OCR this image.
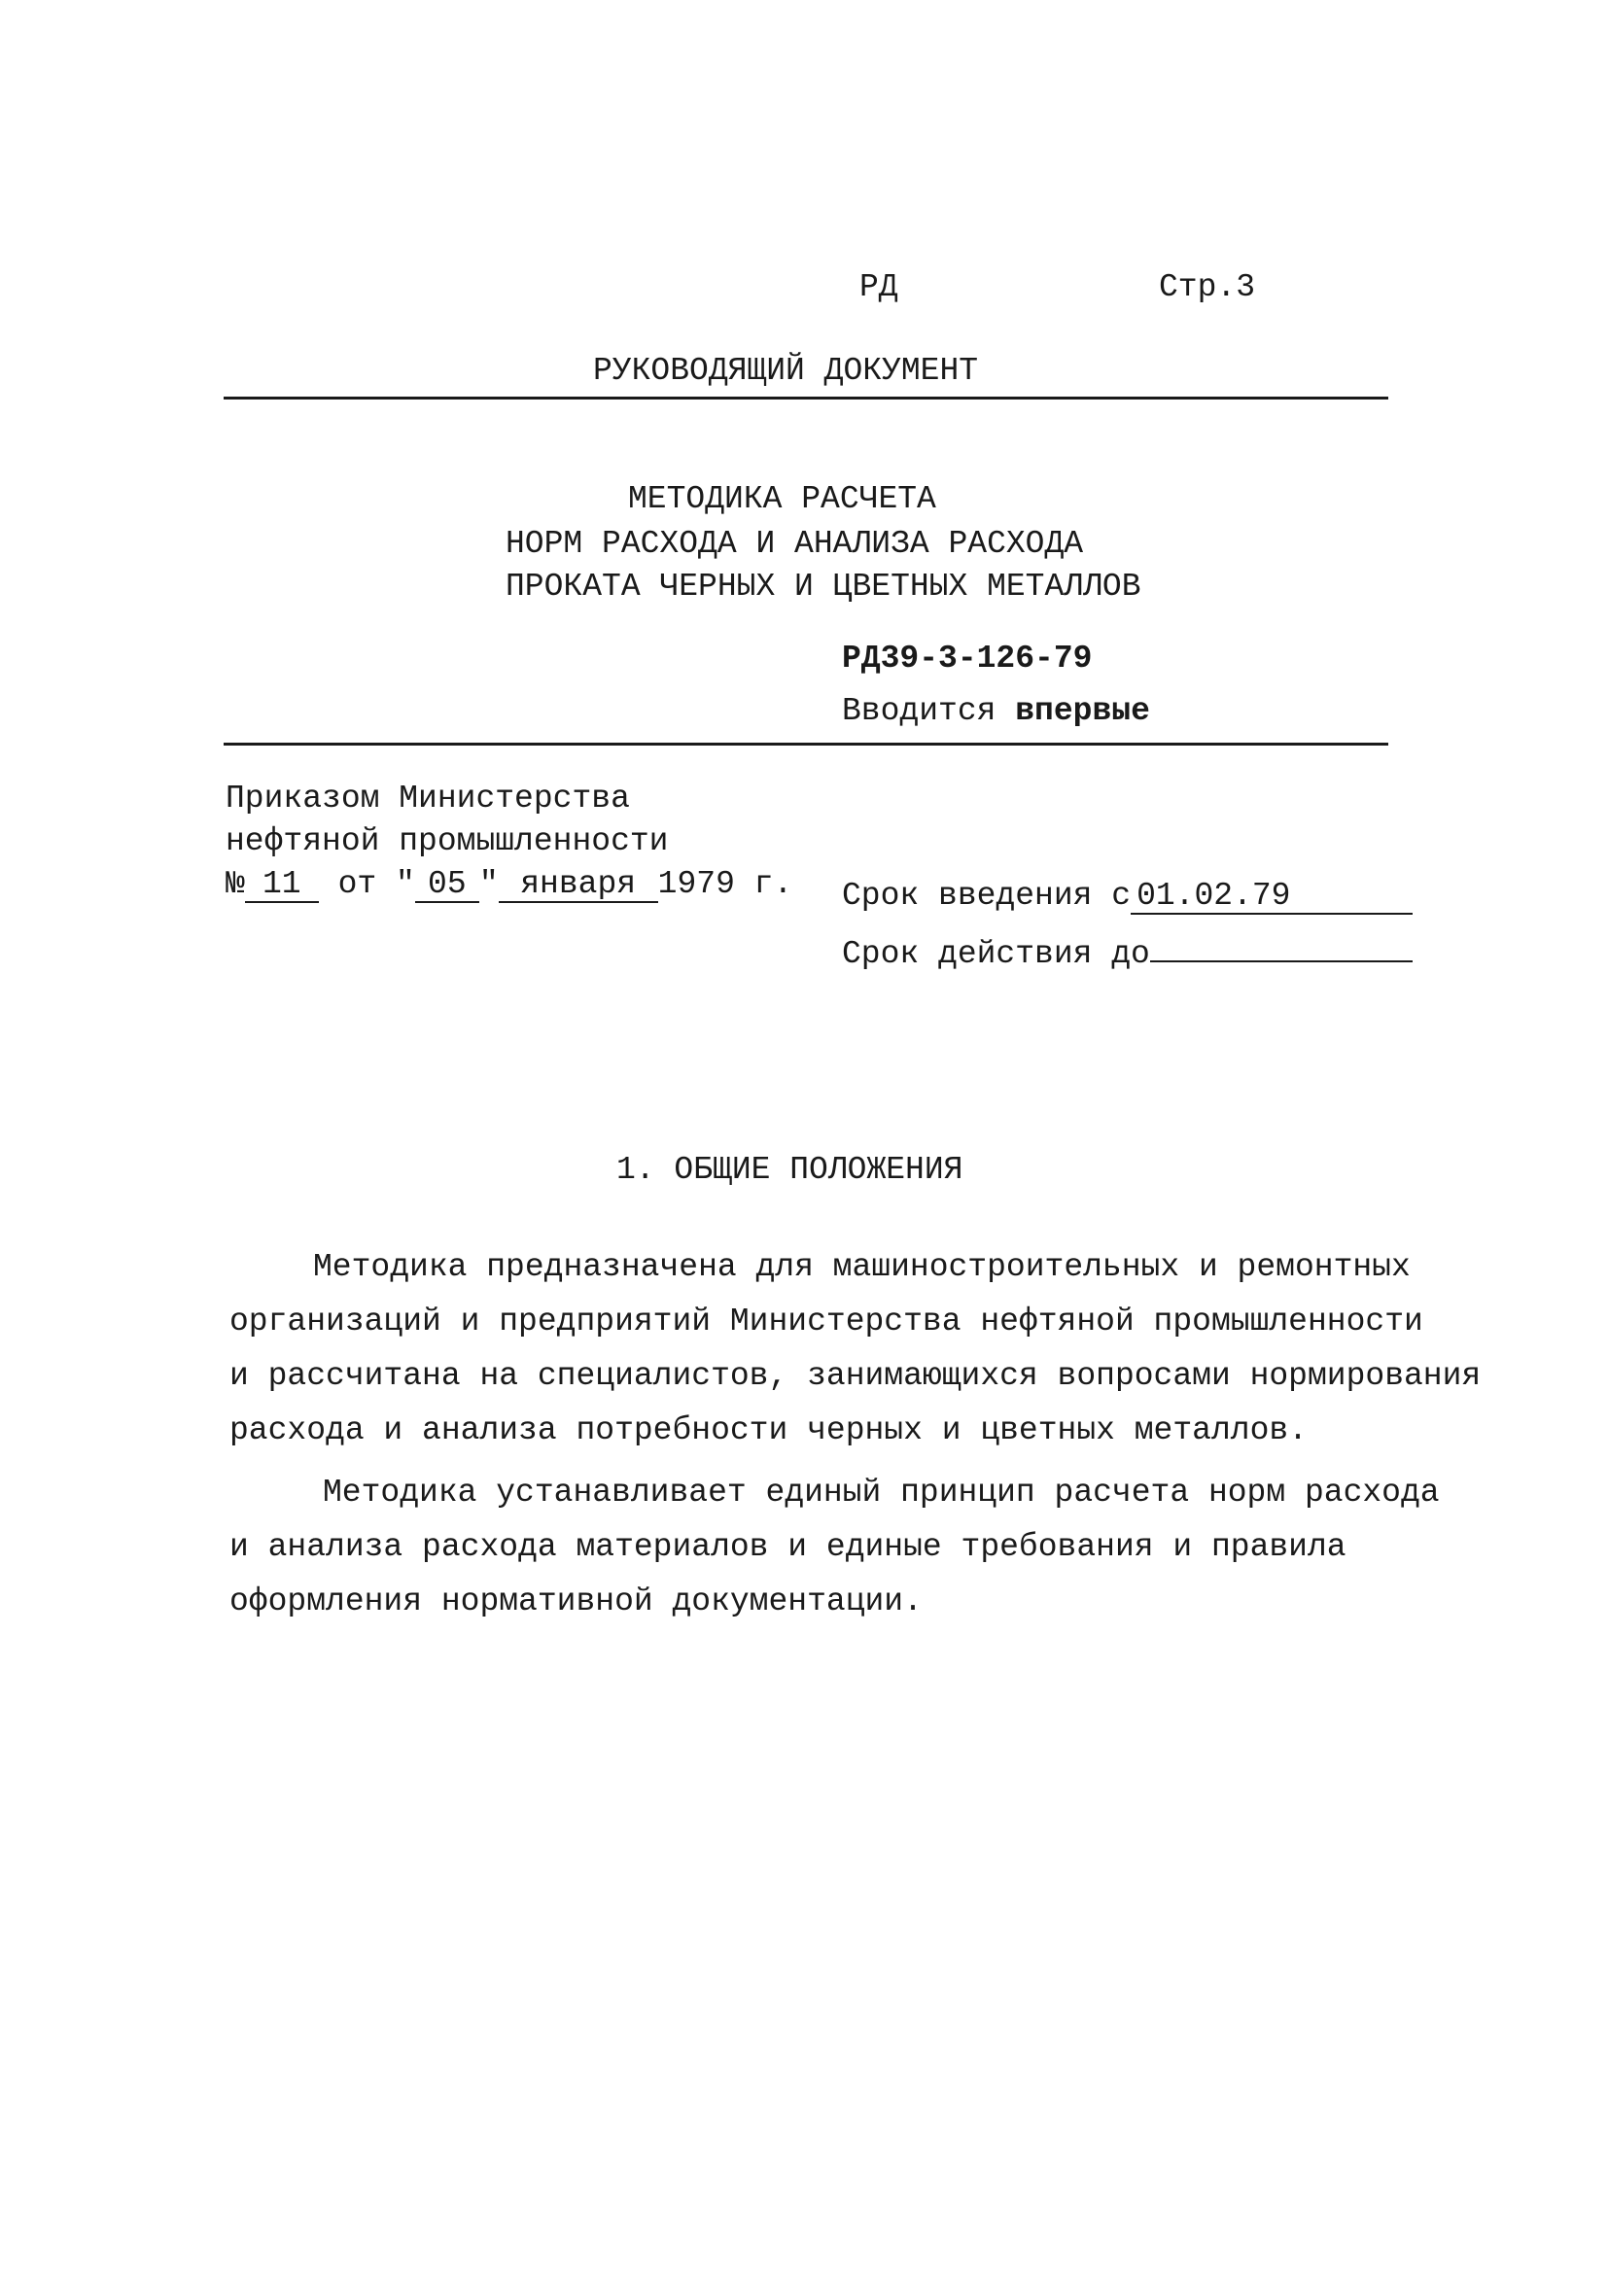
РД	Стр.3
РУКОВОДЯЩИЙ ДОКУМЕНТ
МЕТОДИКА РАСЧЕТА
НОРМ РАСХОДА И АНАЛИЗА РАСХОДА
ПРОКАТА ЧЕРНЫХ И ЦВЕТНЫХ МЕТАЛЛОВ
РД39-3-126-79
Вводится впервые
Приказом Министерства
нефтяной промышленности
№ 11 от " 05 " января 1979 г. Срок введения с 01.02.79
Срок действия до
1. ОБЩИЕ ПОЛОЖЕНИЯ
Методика предназначена для машиностроительных и ремонтных
организаций и предприятий Министерства нефтяной промышленности
и рассчитана на специалистов, занимающихся вопросами нормирования
расхода и анализа потребности черных и цветных металлов.
Методика устанавливает единый принцип расчета норм расхода
и анализа расхода материалов и единые требования и правила
оформления нормативной документации.
